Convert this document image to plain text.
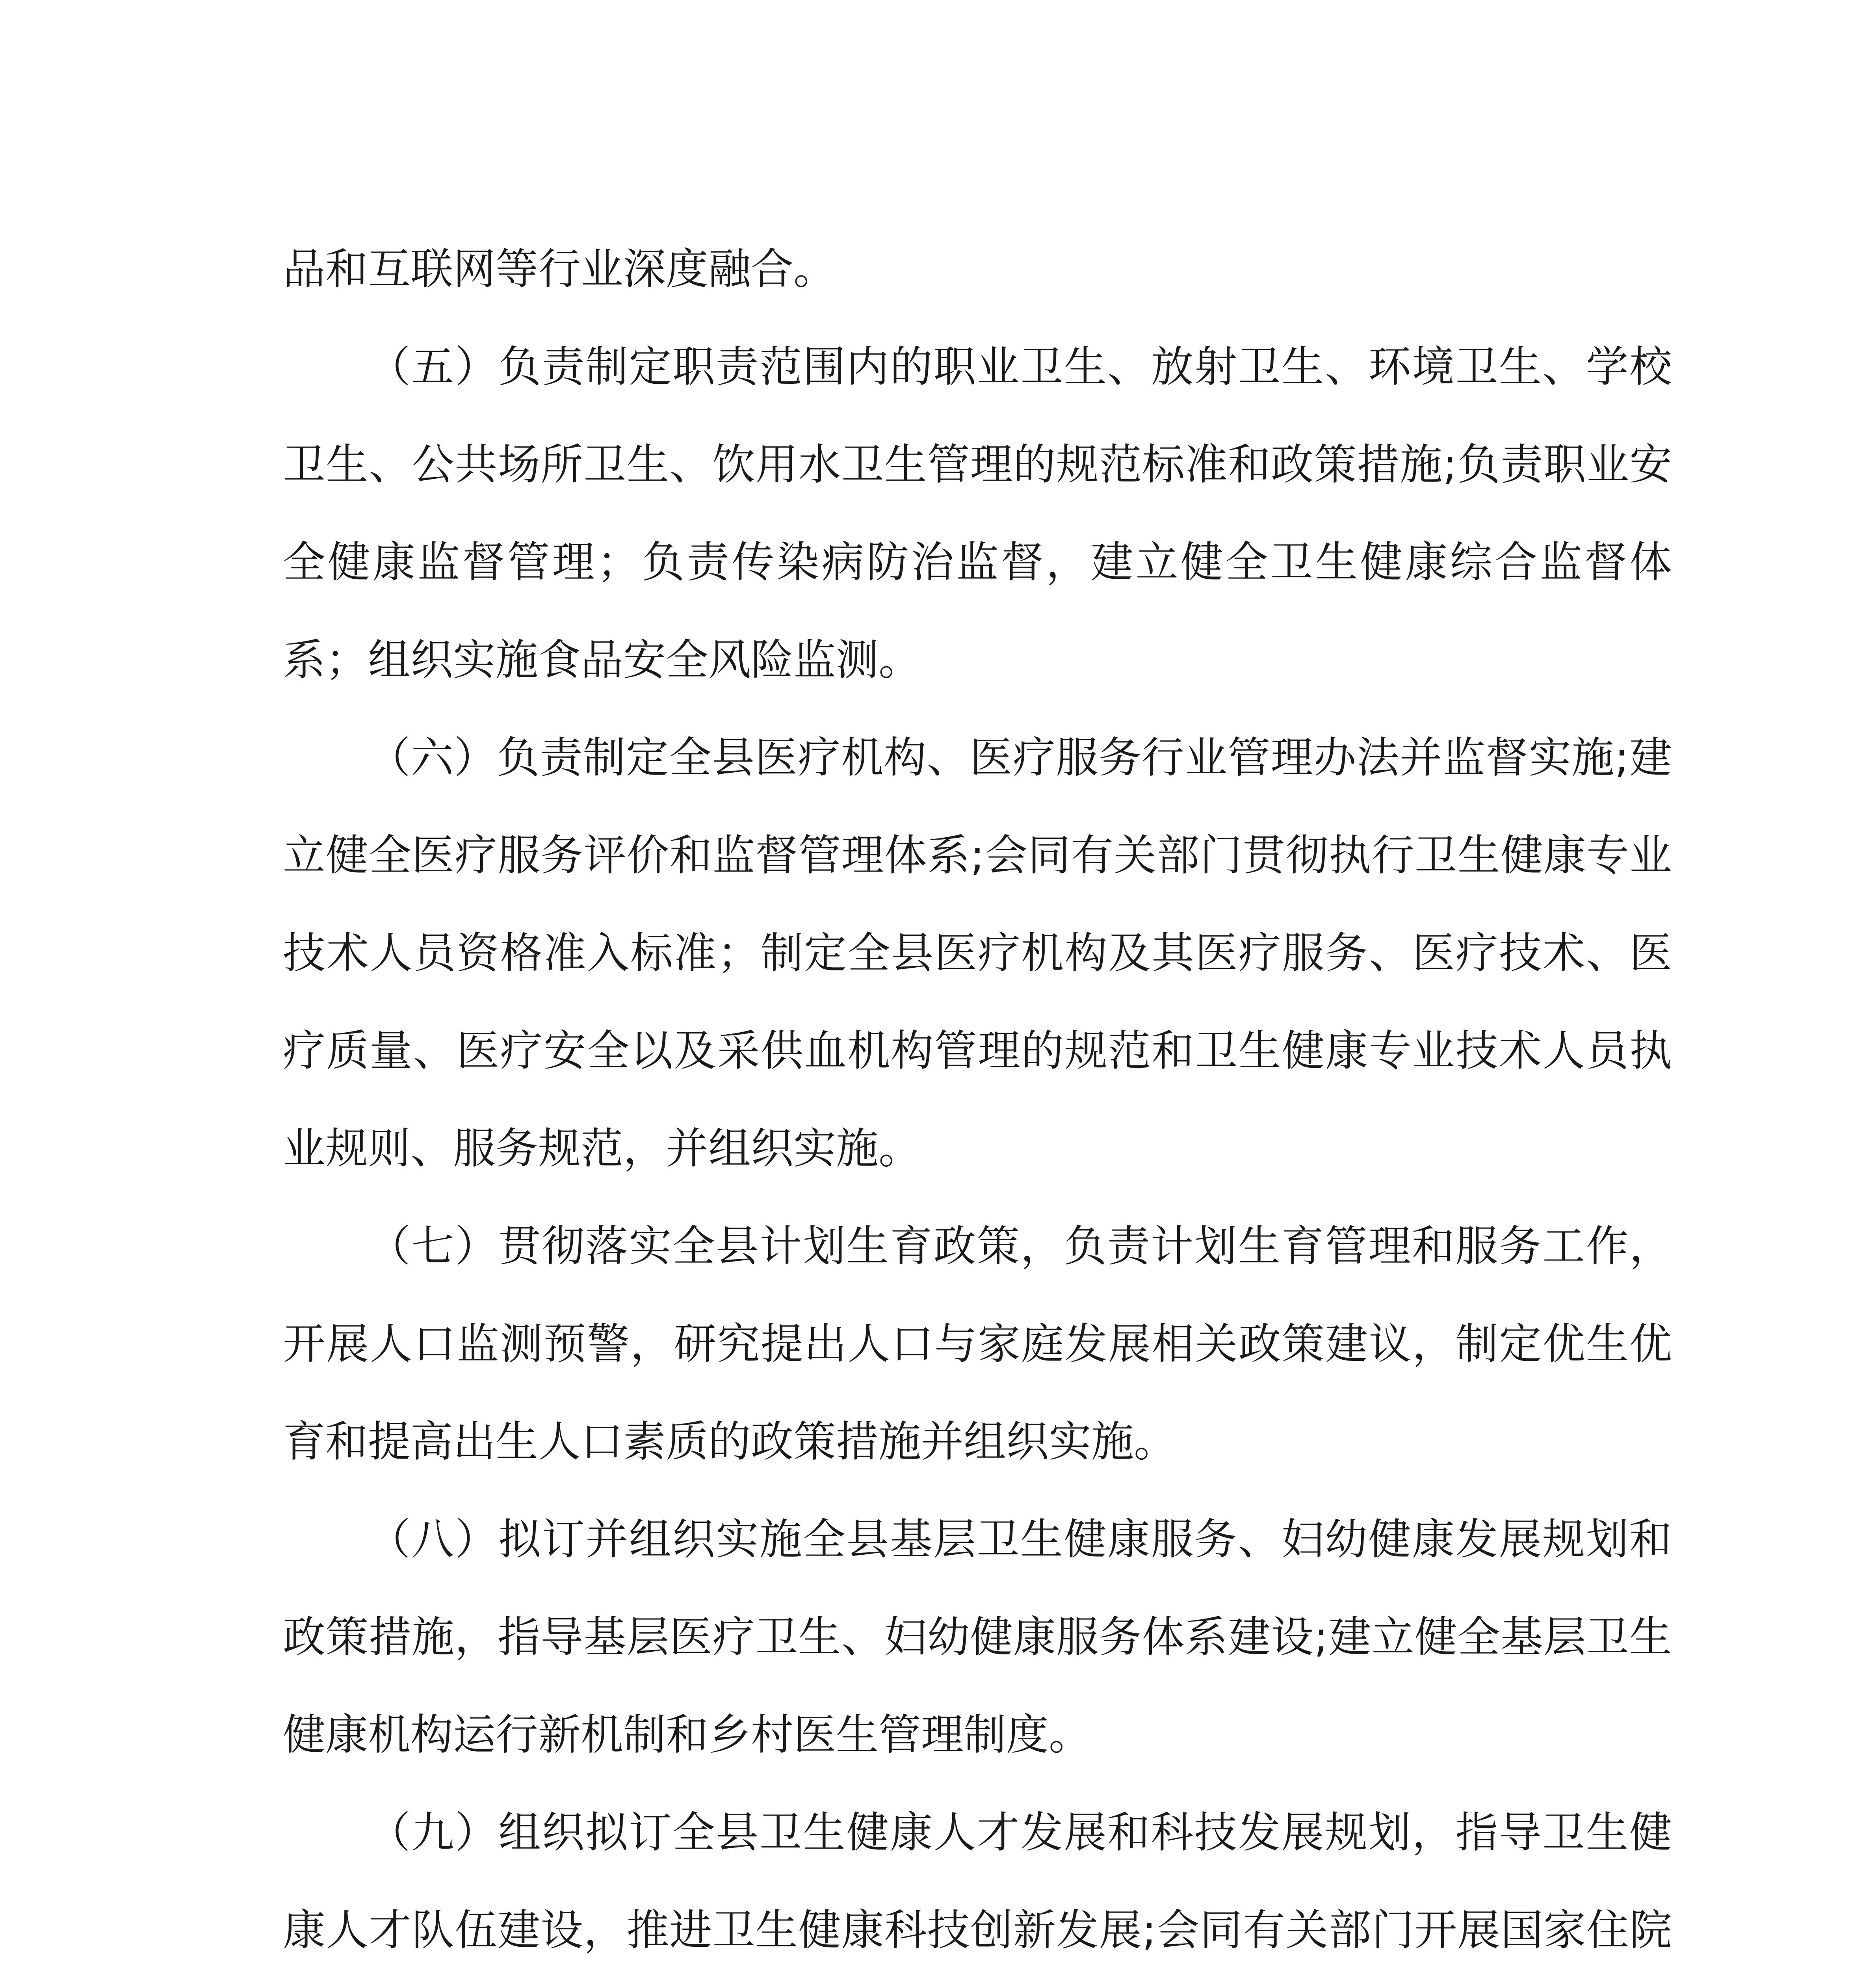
品和互联网等行业深度融合。

（五）负责制定职责范围内的职业卫生、放射卫生、环境卫生、学校卫生、公共场所卫生、饮用水卫生管理的规范标准和政策措施;负责职业安全健康监督管理；负责传染病防治监督，建立健全卫生健康综合监督体系；组织实施食品安全风险监测。

（六）负责制定全县医疗机构、医疗服务行业管理办法并监督实施;建立健全医疗服务评价和监督管理体系;会同有关部门贯彻执行卫生健康专业技术人员资格准入标准；制定全县医疗机构及其医疗服务、医疗技术、医疗质量、医疗安全以及采供血机构管理的规范和卫生健康专业技术人员执业规则、服务规范，并组织实施。

（七）贯彻落实全县计划生育政策，负责计划生育管理和服务工作，开展人口监测预警，研究提出人口与家庭发展相关政策建议，制定优生优育和提高出生人口素质的政策措施并组织实施。

（八）拟订并组织实施全县基层卫生健康服务、妇幼健康发展规划和政策措施，指导基层医疗卫生、妇幼健康服务体系建设;建立健全基层卫生健康机构运行新机制和乡村医生管理制度。

（九）组织拟订全县卫生健康人才发展和科技发展规划，指导卫生健康人才队伍建设，推进卫生健康科技创新发展;会同有关部门开展国家住院
